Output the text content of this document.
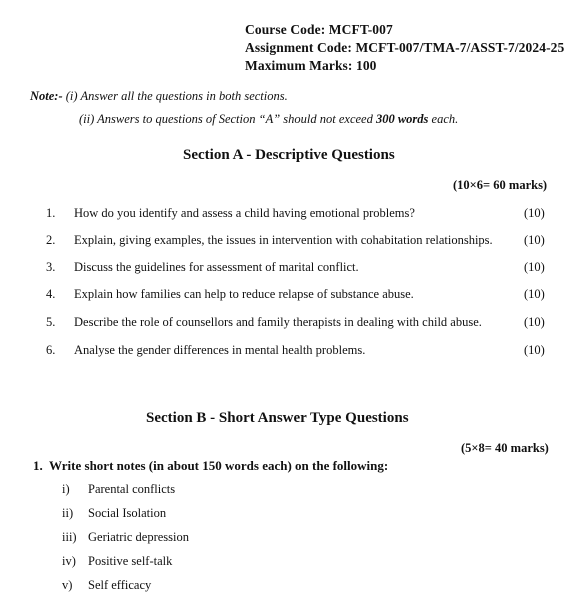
Course Code: MCFT-007
Assignment Code: MCFT-007/TMA-7/ASST-7/2024-25
Maximum Marks: 100
Note:- (i) Answer all the questions in both sections.
(ii) Answers to questions of Section “A” should not exceed 300 words each.
Section A - Descriptive Questions
(10×6= 60 marks)
1. How do you identify and assess a child having emotional problems?	(10)
2. Explain, giving examples, the issues in intervention with cohabitation relationships.	(10)
3. Discuss the guidelines for assessment of marital conflict.	(10)
4. Explain how families can help to reduce relapse of substance abuse.	(10)
5. Describe the role of counsellors and family therapists in dealing with child abuse.	(10)
6. Analyse the gender differences in mental health problems.	(10)
Section B - Short Answer Type Questions
(5×8= 40 marks)
1. Write short notes (in about 150 words each) on the following:
i) Parental conflicts
ii) Social Isolation
iii) Geriatric depression
iv) Positive self-talk
v) Self efficacy
